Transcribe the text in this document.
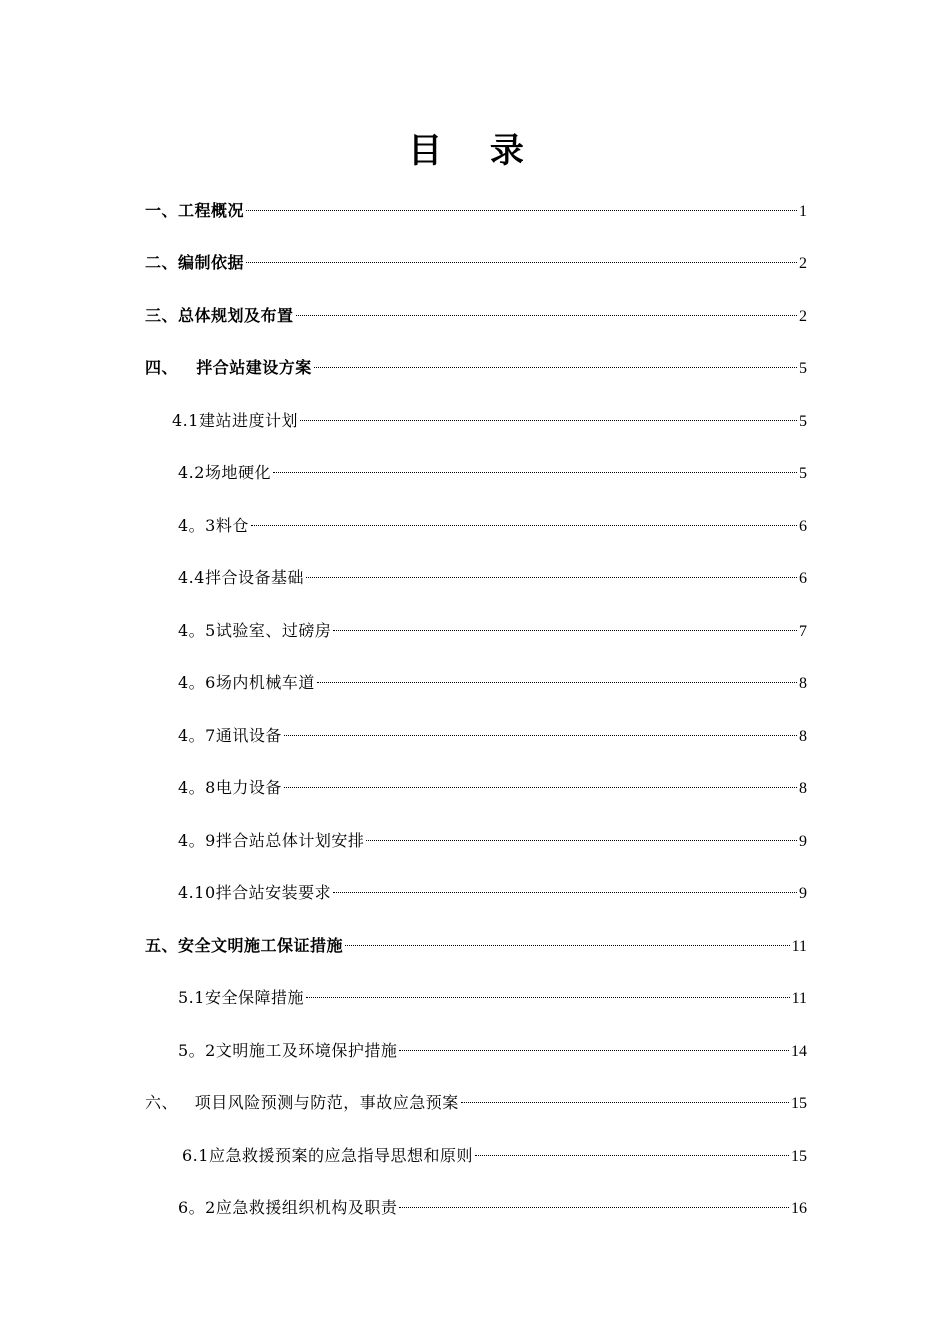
目 录
一、工程概况	1
二、编制依据	2
三、总体规划及布置	2
四、   拌合站建设方案	5
4.1建站进度计划	5
4.2场地硬化	5
4。3料仓	6
4.4拌合设备基础	6
4。5试验室、过磅房	7
4。6场内机械车道	8
4。7通讯设备	8
4。8电力设备	8
4。9拌合站总体计划安排	9
4.10拌合站安装要求	9
五、安全文明施工保证措施	11
5.1安全保障措施	11
5。2文明施工及环境保护措施	14
六、   项目风险预测与防范，事故应急预案	15
6.1应急救援预案的应急指导思想和原则	15
6。2应急救援组织机构及职责	16
